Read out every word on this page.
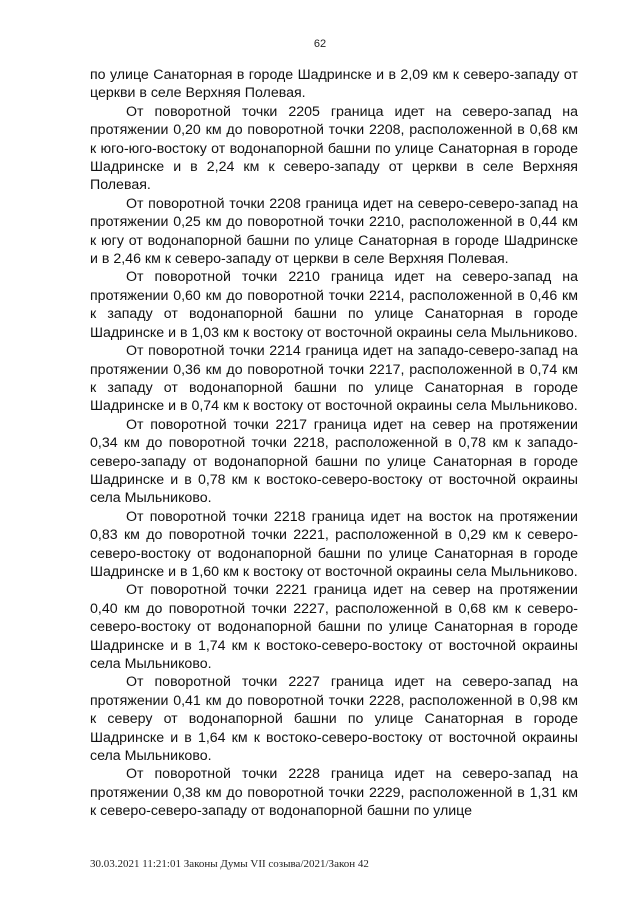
62

по улице Санаторная в городе Шадринске и в 2,09 км к северо-западу от церкви в селе Верхняя Полевая.

От поворотной точки 2205 граница идет на северо-запад на протяжении 0,20 км до поворотной точки 2208, расположенной в 0,68 км к юго-юго-востоку от водонапорной башни по улице Санаторная в городе Шадринске и в 2,24 км к северо-западу от церкви в селе Верхняя Полевая.

От поворотной точки 2208 граница идет на северо-северо-запад на протяжении 0,25 км до поворотной точки 2210, расположенной в 0,44 км к югу от водонапорной башни по улице Санаторная в городе Шадринске и в 2,46 км к северо-западу от церкви в селе Верхняя Полевая.

От поворотной точки 2210 граница идет на северо-запад на протяжении 0,60 км до поворотной точки 2214, расположенной в 0,46 км к западу от водонапорной башни по улице Санаторная в городе Шадринске и в 1,03 км к востоку от восточной окраины села Мыльниково.

От поворотной точки 2214 граница идет на западо-северо-запад на протяжении 0,36 км до поворотной точки 2217, расположенной в 0,74 км к западу от водонапорной башни по улице Санаторная в городе Шадринске и в 0,74 км к востоку от восточной окраины села Мыльниково.

От поворотной точки 2217 граница идет на север на протяжении 0,34 км до поворотной точки 2218, расположенной в 0,78 км к западо-северо-западу от водонапорной башни по улице Санаторная в городе Шадринске и в 0,78 км к востоко-северо-востоку от восточной окраины села Мыльниково.

От поворотной точки 2218 граница идет на восток на протяжении 0,83 км до поворотной точки 2221, расположенной в 0,29 км к северо-северо-востоку от водонапорной башни по улице Санаторная в городе Шадринске и в 1,60 км к востоку от восточной окраины села Мыльниково.

От поворотной точки 2221 граница идет на север на протяжении 0,40 км до поворотной точки 2227, расположенной в 0,68 км к северо-северо-востоку от водонапорной башни по улице Санаторная в городе Шадринске и в 1,74 км к востоко-северо-востоку от восточной окраины села Мыльниково.

От поворотной точки 2227 граница идет на северо-запад на протяжении 0,41 км до поворотной точки 2228, расположенной в 0,98 км к северу от водонапорной башни по улице Санаторная в городе Шадринске и в 1,64 км к востоко-северо-востоку от восточной окраины села Мыльниково.

От поворотной точки 2228 граница идет на северо-запад на протяжении 0,38 км до поворотной точки 2229, расположенной в 1,31 км к северо-северо-западу от водонапорной башни по улице

30.03.2021 11:21:01 Законы Думы VII созыва/2021/Закон 42
